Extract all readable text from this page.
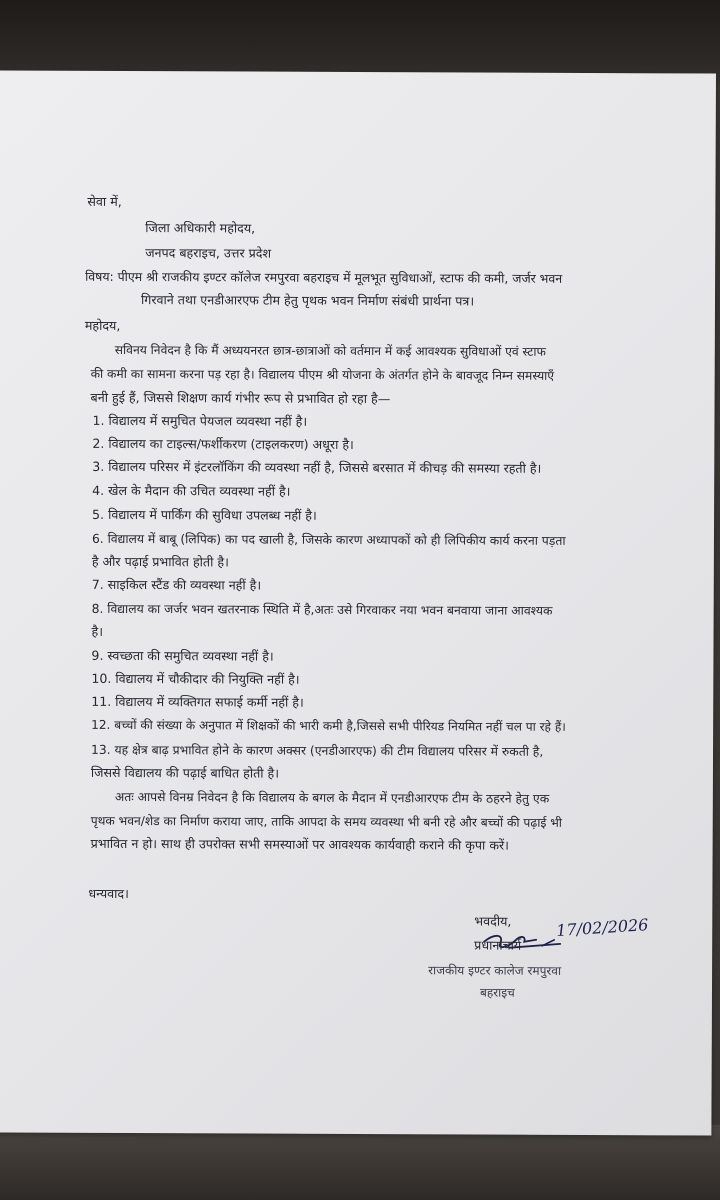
सेवा में,
जिला अधिकारी महोदय,
जनपद बहराइच, उत्तर प्रदेश
विषय: पीएम श्री राजकीय इण्टर कॉलेज रमपुरवा बहराइच में मूलभूत सुविधाओं, स्टाफ की कमी, जर्जर भवन
गिरवाने तथा एनडीआरएफ टीम हेतु पृथक भवन निर्माण संबंधी प्रार्थना पत्र।
महोदय,
सविनय निवेदन है कि मैं अध्ययनरत छात्र-छात्राओं को वर्तमान में कई आवश्यक सुविधाओं एवं स्टाफ
की कमी का सामना करना पड़ रहा है। विद्यालय पीएम श्री योजना के अंतर्गत होने के बावजूद निम्न समस्याएँ
बनी हुई हैं, जिससे शिक्षण कार्य गंभीर रूप से प्रभावित हो रहा है—
1. विद्यालय में समुचित पेयजल व्यवस्था नहीं है।
2. विद्यालय का टाइल्स/फर्शीकरण (टाइलकरण) अधूरा है।
3. विद्यालय परिसर में इंटरलॉकिंग की व्यवस्था नहीं है, जिससे बरसात में कीचड़ की समस्या रहती है।
4. खेल के मैदान की उचित व्यवस्था नहीं है।
5. विद्यालय में पार्किंग की सुविधा उपलब्ध नहीं है।
6. विद्यालय में बाबू (लिपिक) का पद खाली है, जिसके कारण अध्यापकों को ही लिपिकीय कार्य करना पड़ता
है और पढ़ाई प्रभावित होती है।
7. साइकिल स्टैंड की व्यवस्था नहीं है।
8. विद्यालय का जर्जर भवन खतरनाक स्थिति में है,अतः उसे गिरवाकर नया भवन बनवाया जाना आवश्यक
है।
9. स्वच्छता की समुचित व्यवस्था नहीं है।
10. विद्यालय में चौकीदार की नियुक्ति नहीं है।
11. विद्यालय में व्यक्तिगत सफाई कर्मी नहीं है।
12. बच्चों की संख्या के अनुपात में शिक्षकों की भारी कमी है,जिससे सभी पीरियड नियमित नहीं चल पा रहे हैं।
13. यह क्षेत्र बाढ़ प्रभावित होने के कारण अक्सर (एनडीआरएफ) की टीम विद्यालय परिसर में रुकती है,
जिससे विद्यालय की पढ़ाई बाधित होती है।
अतः आपसे विनम्र निवेदन है कि विद्यालय के बगल के मैदान में एनडीआरएफ टीम के ठहरने हेतु एक
पृथक भवन/शेड का निर्माण कराया जाए, ताकि आपदा के समय व्यवस्था भी बनी रहे और बच्चों की पढ़ाई भी
प्रभावित न हो। साथ ही उपरोक्त सभी समस्याओं पर आवश्यक कार्यवाही कराने की कृपा करें।
धन्यवाद।
भवदीय,	17/02/2026
प्रधानाचार्य
राजकीय इण्टर कालेज रमपुरवा
बहराइच
